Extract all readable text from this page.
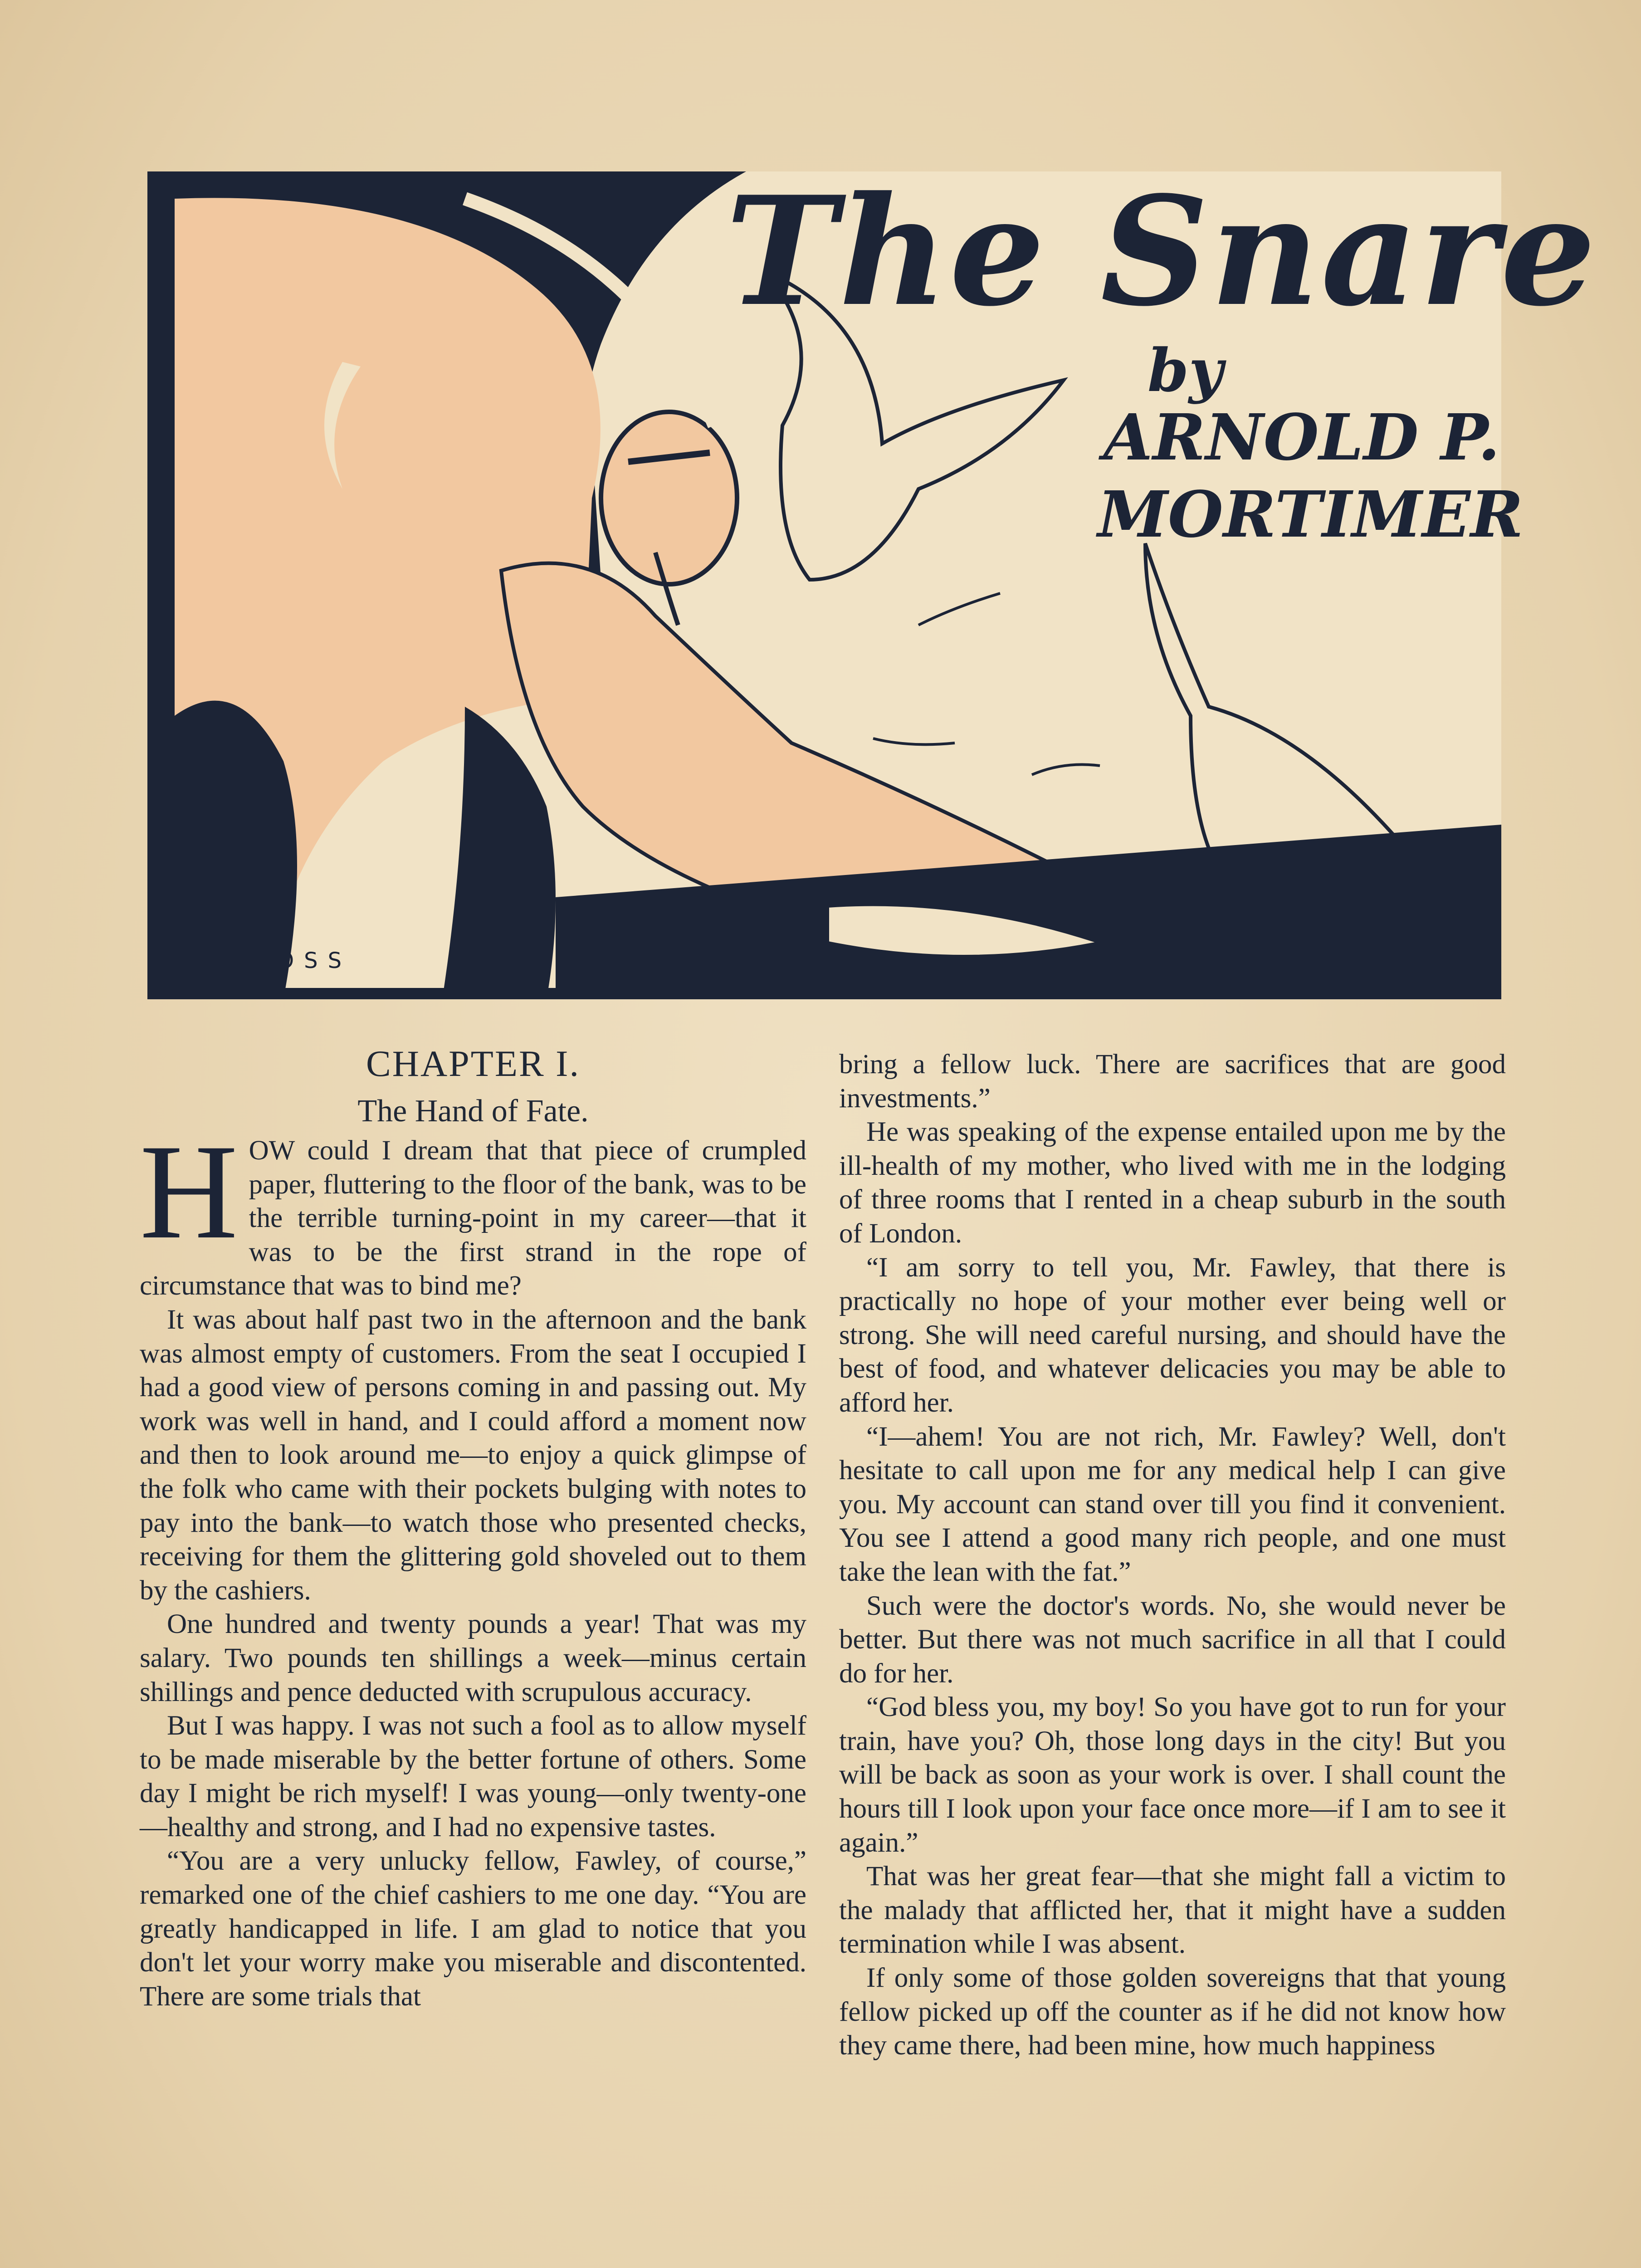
The Snare
by
ARNOLD P.
MORTIMER
ROSS

CHAPTER I.

The Hand of Fate.

HOW could I dream that that piece of crumpled paper, fluttering to the floor of the bank, was to be the terrible turning-point in my career—that it was to be the first strand in the rope of circumstance that was to bind me?

It was about half past two in the afternoon and the bank was almost empty of customers. From the seat I occupied I had a good view of persons coming in and passing out. My work was well in hand, and I could afford a moment now and then to look around me—to enjoy a quick glimpse of the folk who came with their pockets bulging with notes to pay into the bank—to watch those who presented checks, receiving for them the glittering gold shoveled out to them by the cashiers.

One hundred and twenty pounds a year! That was my salary. Two pounds ten shillings a week—minus certain shillings and pence deducted with scrupulous accuracy.

But I was happy. I was not such a fool as to allow myself to be made miserable by the better fortune of others. Some day I might be rich myself! I was young—only twenty-one—healthy and strong, and I had no expensive tastes.

“You are a very unlucky fellow, Fawley, of course,” remarked one of the chief cashiers to me one day. “You are greatly handicapped in life. I am glad to notice that you don't let your worry make you miserable and discontented. There are some trials that

bring a fellow luck. There are sacrifices that are good investments.”

He was speaking of the expense entailed upon me by the ill-health of my mother, who lived with me in the lodging of three rooms that I rented in a cheap suburb in the south of London.

“I am sorry to tell you, Mr. Fawley, that there is practically no hope of your mother ever being well or strong. She will need careful nursing, and should have the best of food, and whatever delicacies you may be able to afford her.

“I—ahem! You are not rich, Mr. Fawley? Well, don't hesitate to call upon me for any medical help I can give you. My account can stand over till you find it convenient. You see I attend a good many rich people, and one must take the lean with the fat.”

Such were the doctor's words. No, she would never be better. But there was not much sacrifice in all that I could do for her.

“God bless you, my boy! So you have got to run for your train, have you? Oh, those long days in the city! But you will be back as soon as your work is over. I shall count the hours till I look upon your face once more—if I am to see it again.”

That was her great fear—that she might fall a victim to the malady that afflicted her, that it might have a sudden termination while I was absent.

If only some of those golden sovereigns that that young fellow picked up off the counter as if he did not know how they came there, had been mine, how much happiness
